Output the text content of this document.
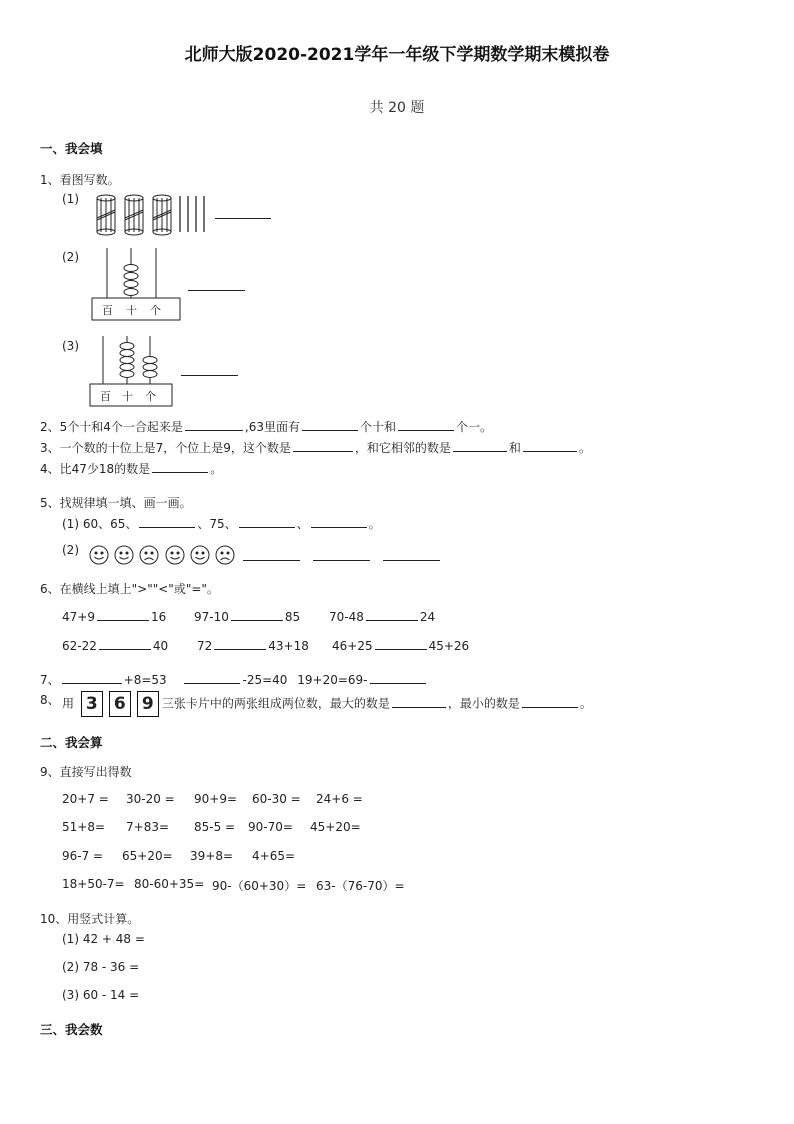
北师大版2020-2021学年一年级下学期数学期末模拟卷
共 20 题
一、我会填
1、看图写数。
(1)
(2)
百 十 个
(3)
百 十 个
2、5个十和4个一合起来是	,63里面有	个十和	个一。
3、一个数的十位上是7，个位上是9，这个数是	，和它相邻的数是	和	。
4、比47少18的数是	。
5、找规律填一填、画一画。
(1) 60、65、	、75、	、	。
(2)
6、在横线上填上">""<"或"="。
47+9	16 97-10	85 70-48	24
62-22	40 72	43+18 46+25	45+26
7、	+8=53	-25=40 19+20=69-
8、 用 3 6 9 三张卡片中的两张组成两位数，最大的数是	，最小的数是	。
二、我会算
9、直接写出得数
20+7 = 30-20 = 90+9= 60-30 = 24+6 =
51+8= 7+83= 85-5 = 90-70= 45+20=
96-7 = 65+20= 39+8= 4+65=
18+50-7= 80-60+35= 90-（60+30）= 63-（76-70）=
10、用竖式计算。
(1) 42 + 48 =
(2) 78 - 36 =
(3) 60 - 14 =
三、我会数
